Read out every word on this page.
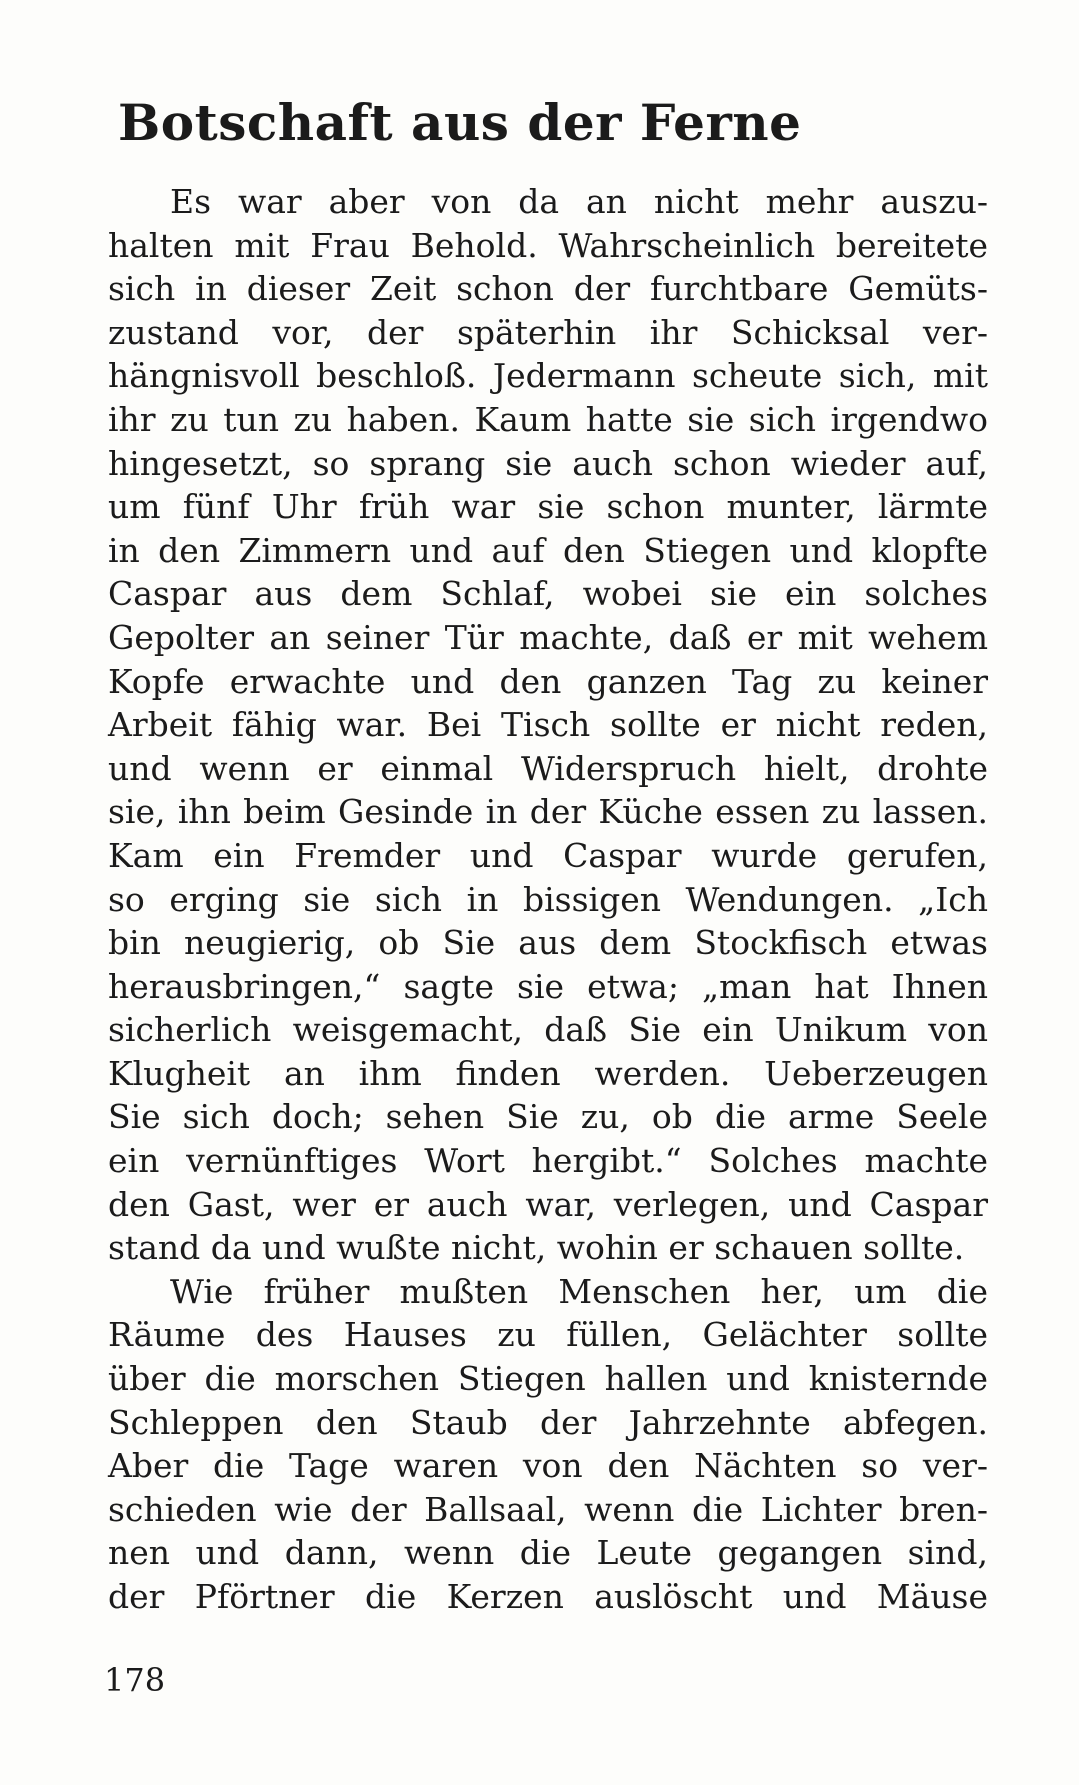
Botschaft aus der Ferne
Es war aber von da an nicht mehr auszu-
halten mit Frau Behold. Wahrscheinlich bereitete
sich in dieser Zeit schon der furchtbare Gemüts-
zustand vor, der späterhin ihr Schicksal ver-
hängnisvoll beschloß. Jedermann scheute sich, mit
ihr zu tun zu haben. Kaum hatte sie sich irgendwo
hingesetzt, so sprang sie auch schon wieder auf,
um fünf Uhr früh war sie schon munter, lärmte
in den Zimmern und auf den Stiegen und klopfte
Caspar aus dem Schlaf, wobei sie ein solches
Gepolter an seiner Tür machte, daß er mit wehem
Kopfe erwachte und den ganzen Tag zu keiner
Arbeit fähig war. Bei Tisch sollte er nicht reden,
und wenn er einmal Widerspruch hielt, drohte
sie, ihn beim Gesinde in der Küche essen zu lassen.
Kam ein Fremder und Caspar wurde gerufen,
so erging sie sich in bissigen Wendungen. „Ich
bin neugierig, ob Sie aus dem Stockfisch etwas
herausbringen,“ sagte sie etwa; „man hat Ihnen
sicherlich weisgemacht, daß Sie ein Unikum von
Klugheit an ihm finden werden. Ueberzeugen
Sie sich doch; sehen Sie zu, ob die arme Seele
ein vernünftiges Wort hergibt.“ Solches machte
den Gast, wer er auch war, verlegen, und Caspar
stand da und wußte nicht, wohin er schauen sollte.
Wie früher mußten Menschen her, um die
Räume des Hauses zu füllen, Gelächter sollte
über die morschen Stiegen hallen und knisternde
Schleppen den Staub der Jahrzehnte abfegen.
Aber die Tage waren von den Nächten so ver-
schieden wie der Ballsaal, wenn die Lichter bren-
nen und dann, wenn die Leute gegangen sind,
der Pförtner die Kerzen auslöscht und Mäuse
178
